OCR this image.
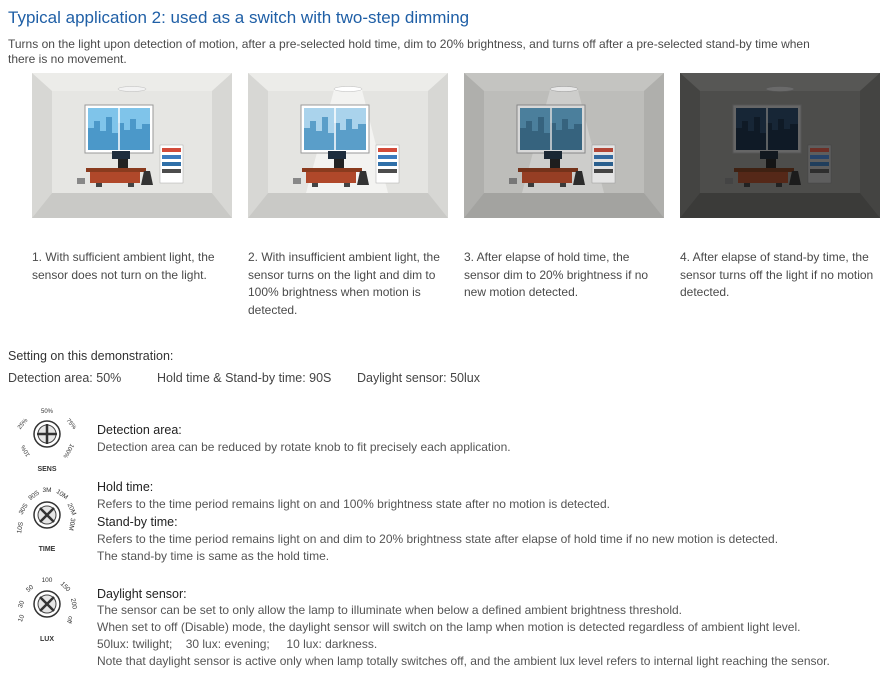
Typical application 2: used as a switch with two-step dimming
Turns on the light upon detection of motion, after a pre-selected hold time, dim to 20% brightness, and turns off after a pre-selected stand-by time when there is no movement.
1. With sufficient ambient light, the sensor does not turn on the light.
2. With insufficient ambient light, the sensor turns on the light and dim to 100% brightness when motion is detected.
3. After elapse of hold time, the sensor dim to 20% brightness if no new motion detected.
4. After elapse of stand-by time, the sensor turns off the light if no motion detected.
Setting on this demonstration:
Detection area: 50%	Hold time & Stand-by time: 90S Daylight sensor: 50lux
50%
25%	75%
10%	100%
SENS
10S
30S
90S 3M 10M
20M
30M
TIME
10
30
50
100
150
200
off
LUX
Detection area:
Detection area can be reduced by rotate knob to fit precisely each application.
Hold time:
Refers to the time period remains light on and 100% brightness state after no motion is detected.
Stand-by time:
Refers to the time period remains light on and dim to 20% brightness state after elapse of hold time if no new motion is detected.
The stand-by time is same as the hold time.
Daylight sensor:
The sensor can be set to only allow the lamp to illuminate when below a defined ambient brightness threshold.
When set to off (Disable) mode, the daylight sensor will switch on the lamp when motion is detected regardless of ambient light level.
50lux: twilight;    30 lux: evening;     10 lux: darkness.
Note that daylight sensor is active only when lamp totally switches off, and the ambient lux level refers to internal light reaching the sensor.
